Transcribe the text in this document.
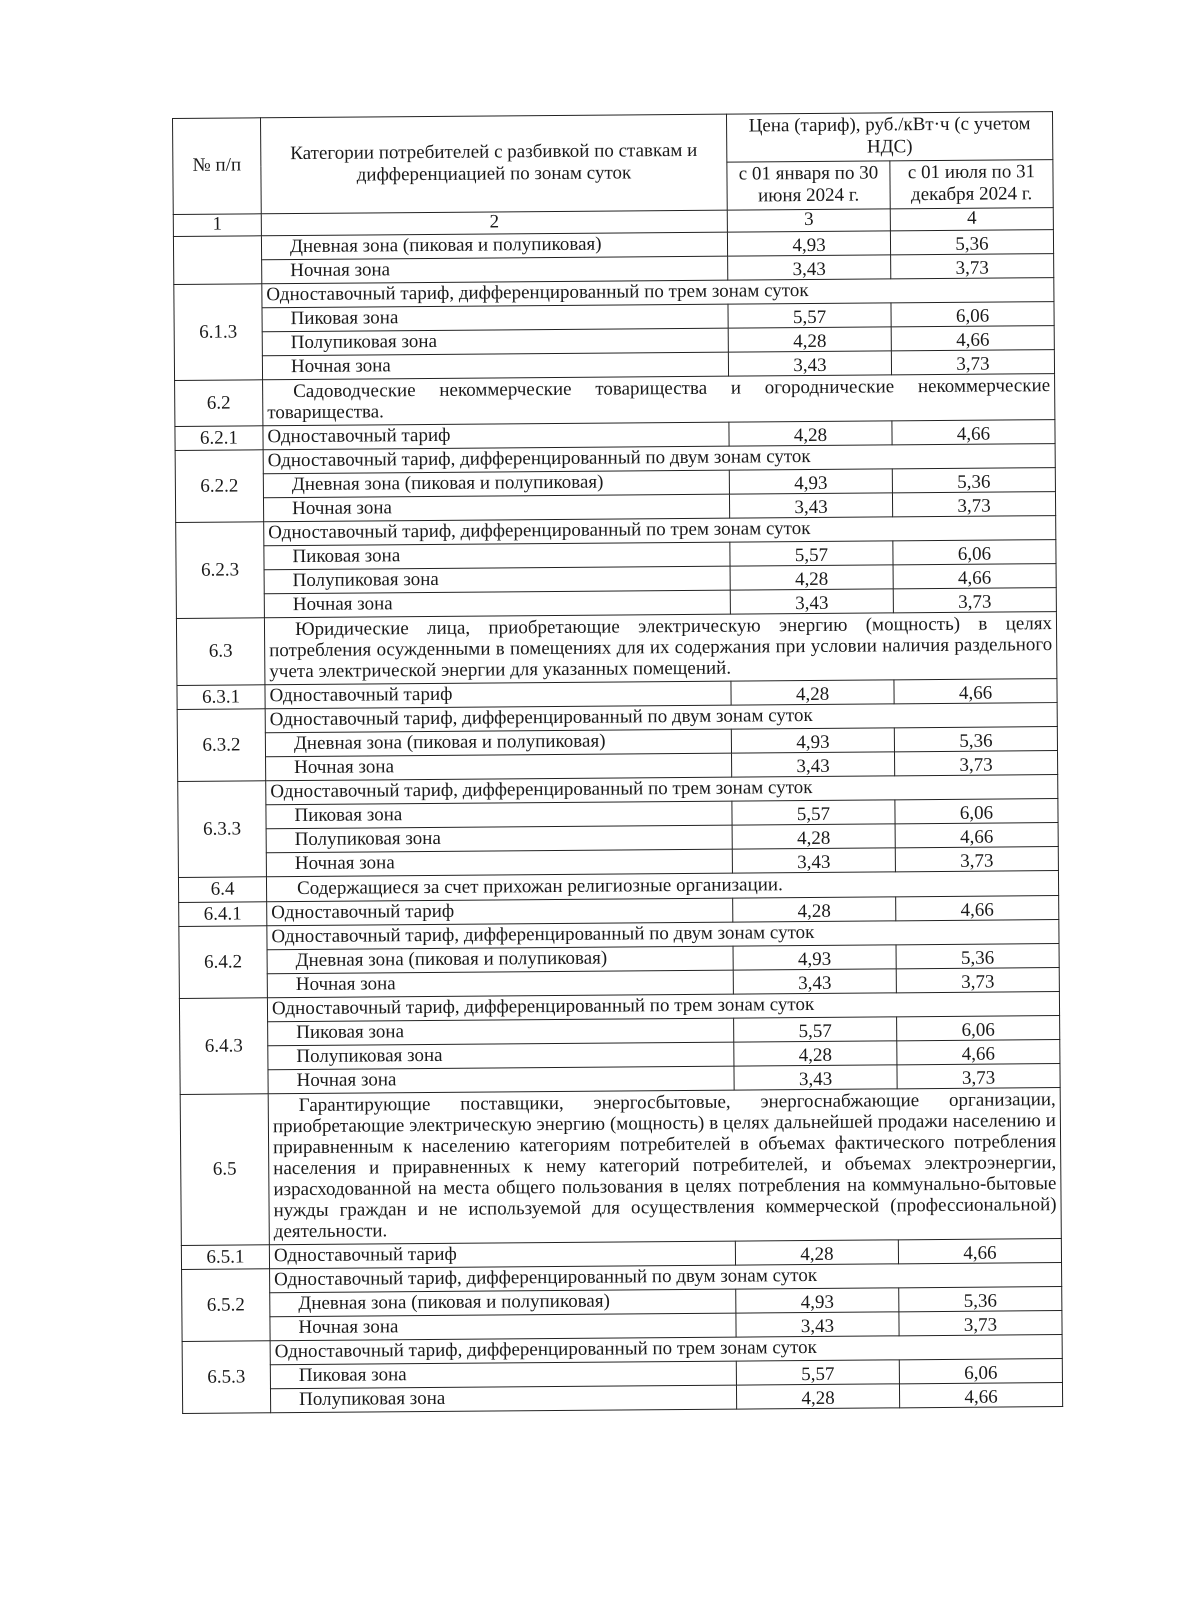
№ п/п	Категории потребителей с разбивкой по ставкам и дифференциацией по зонам суток	Цена (тариф), руб./кВт·ч (с учетом НДС)	
		с 01 января по 30 июня 2024 г.	с 01 июля по 31 декабря 2024 г.
1	2	3	4
	Дневная зона (пиковая и полупиковая)	4,93	5,36
	Ночная зона	3,43	3,73
6.1.3	Одноставочный тариф, дифференцированный по трем зонам суток		
	Пиковая зона	5,57	6,06
	Полупиковая зона	4,28	4,66
	Ночная зона	3,43	3,73
6.2	Садоводческие некоммерческие товарищества и огороднические некоммерческие товарищества.		
6.2.1	Одноставочный тариф	4,28	4,66
6.2.2	Одноставочный тариф, дифференцированный по двум зонам суток		
	Дневная зона (пиковая и полупиковая)	4,93	5,36
	Ночная зона	3,43	3,73
6.2.3	Одноставочный тариф, дифференцированный по трем зонам суток		
	Пиковая зона	5,57	6,06
	Полупиковая зона	4,28	4,66
	Ночная зона	3,43	3,73
6.3	Юридические лица, приобретающие электрическую энергию (мощность) в целях потребления осужденными в помещениях для их содержания при условии наличия раздельного учета электрической энергии для указанных помещений.		
6.3.1	Одноставочный тариф	4,28	4,66
6.3.2	Одноставочный тариф, дифференцированный по двум зонам суток		
	Дневная зона (пиковая и полупиковая)	4,93	5,36
	Ночная зона	3,43	3,73
6.3.3	Одноставочный тариф, дифференцированный по трем зонам суток		
	Пиковая зона	5,57	6,06
	Полупиковая зона	4,28	4,66
	Ночная зона	3,43	3,73
6.4	Содержащиеся за счет прихожан религиозные организации.		
6.4.1	Одноставочный тариф	4,28	4,66
6.4.2	Одноставочный тариф, дифференцированный по двум зонам суток		
	Дневная зона (пиковая и полупиковая)	4,93	5,36
	Ночная зона	3,43	3,73
6.4.3	Одноставочный тариф, дифференцированный по трем зонам суток		
	Пиковая зона	5,57	6,06
	Полупиковая зона	4,28	4,66
	Ночная зона	3,43	3,73
6.5	Гарантирующие поставщики, энергосбытовые, энергоснабжающие организации, приобретающие электрическую энергию (мощность) в целях дальнейшей продажи населению и приравненным к населению категориям потребителей в объемах фактического потребления населения и приравненных к нему категорий потребителей, и объемах электроэнергии, израсходованной на места общего пользования в целях потребления на коммунально-бытовые нужды граждан и не используемой для осуществления коммерческой (профессиональной) деятельности.		
6.5.1	Одноставочный тариф	4,28	4,66
6.5.2	Одноставочный тариф, дифференцированный по двум зонам суток		
	Дневная зона (пиковая и полупиковая)	4,93	5,36
	Ночная зона	3,43	3,73
6.5.3	Одноставочный тариф, дифференцированный по трем зонам суток		
	Пиковая зона	5,57	6,06
	Полупиковая зона	4,28	4,66
